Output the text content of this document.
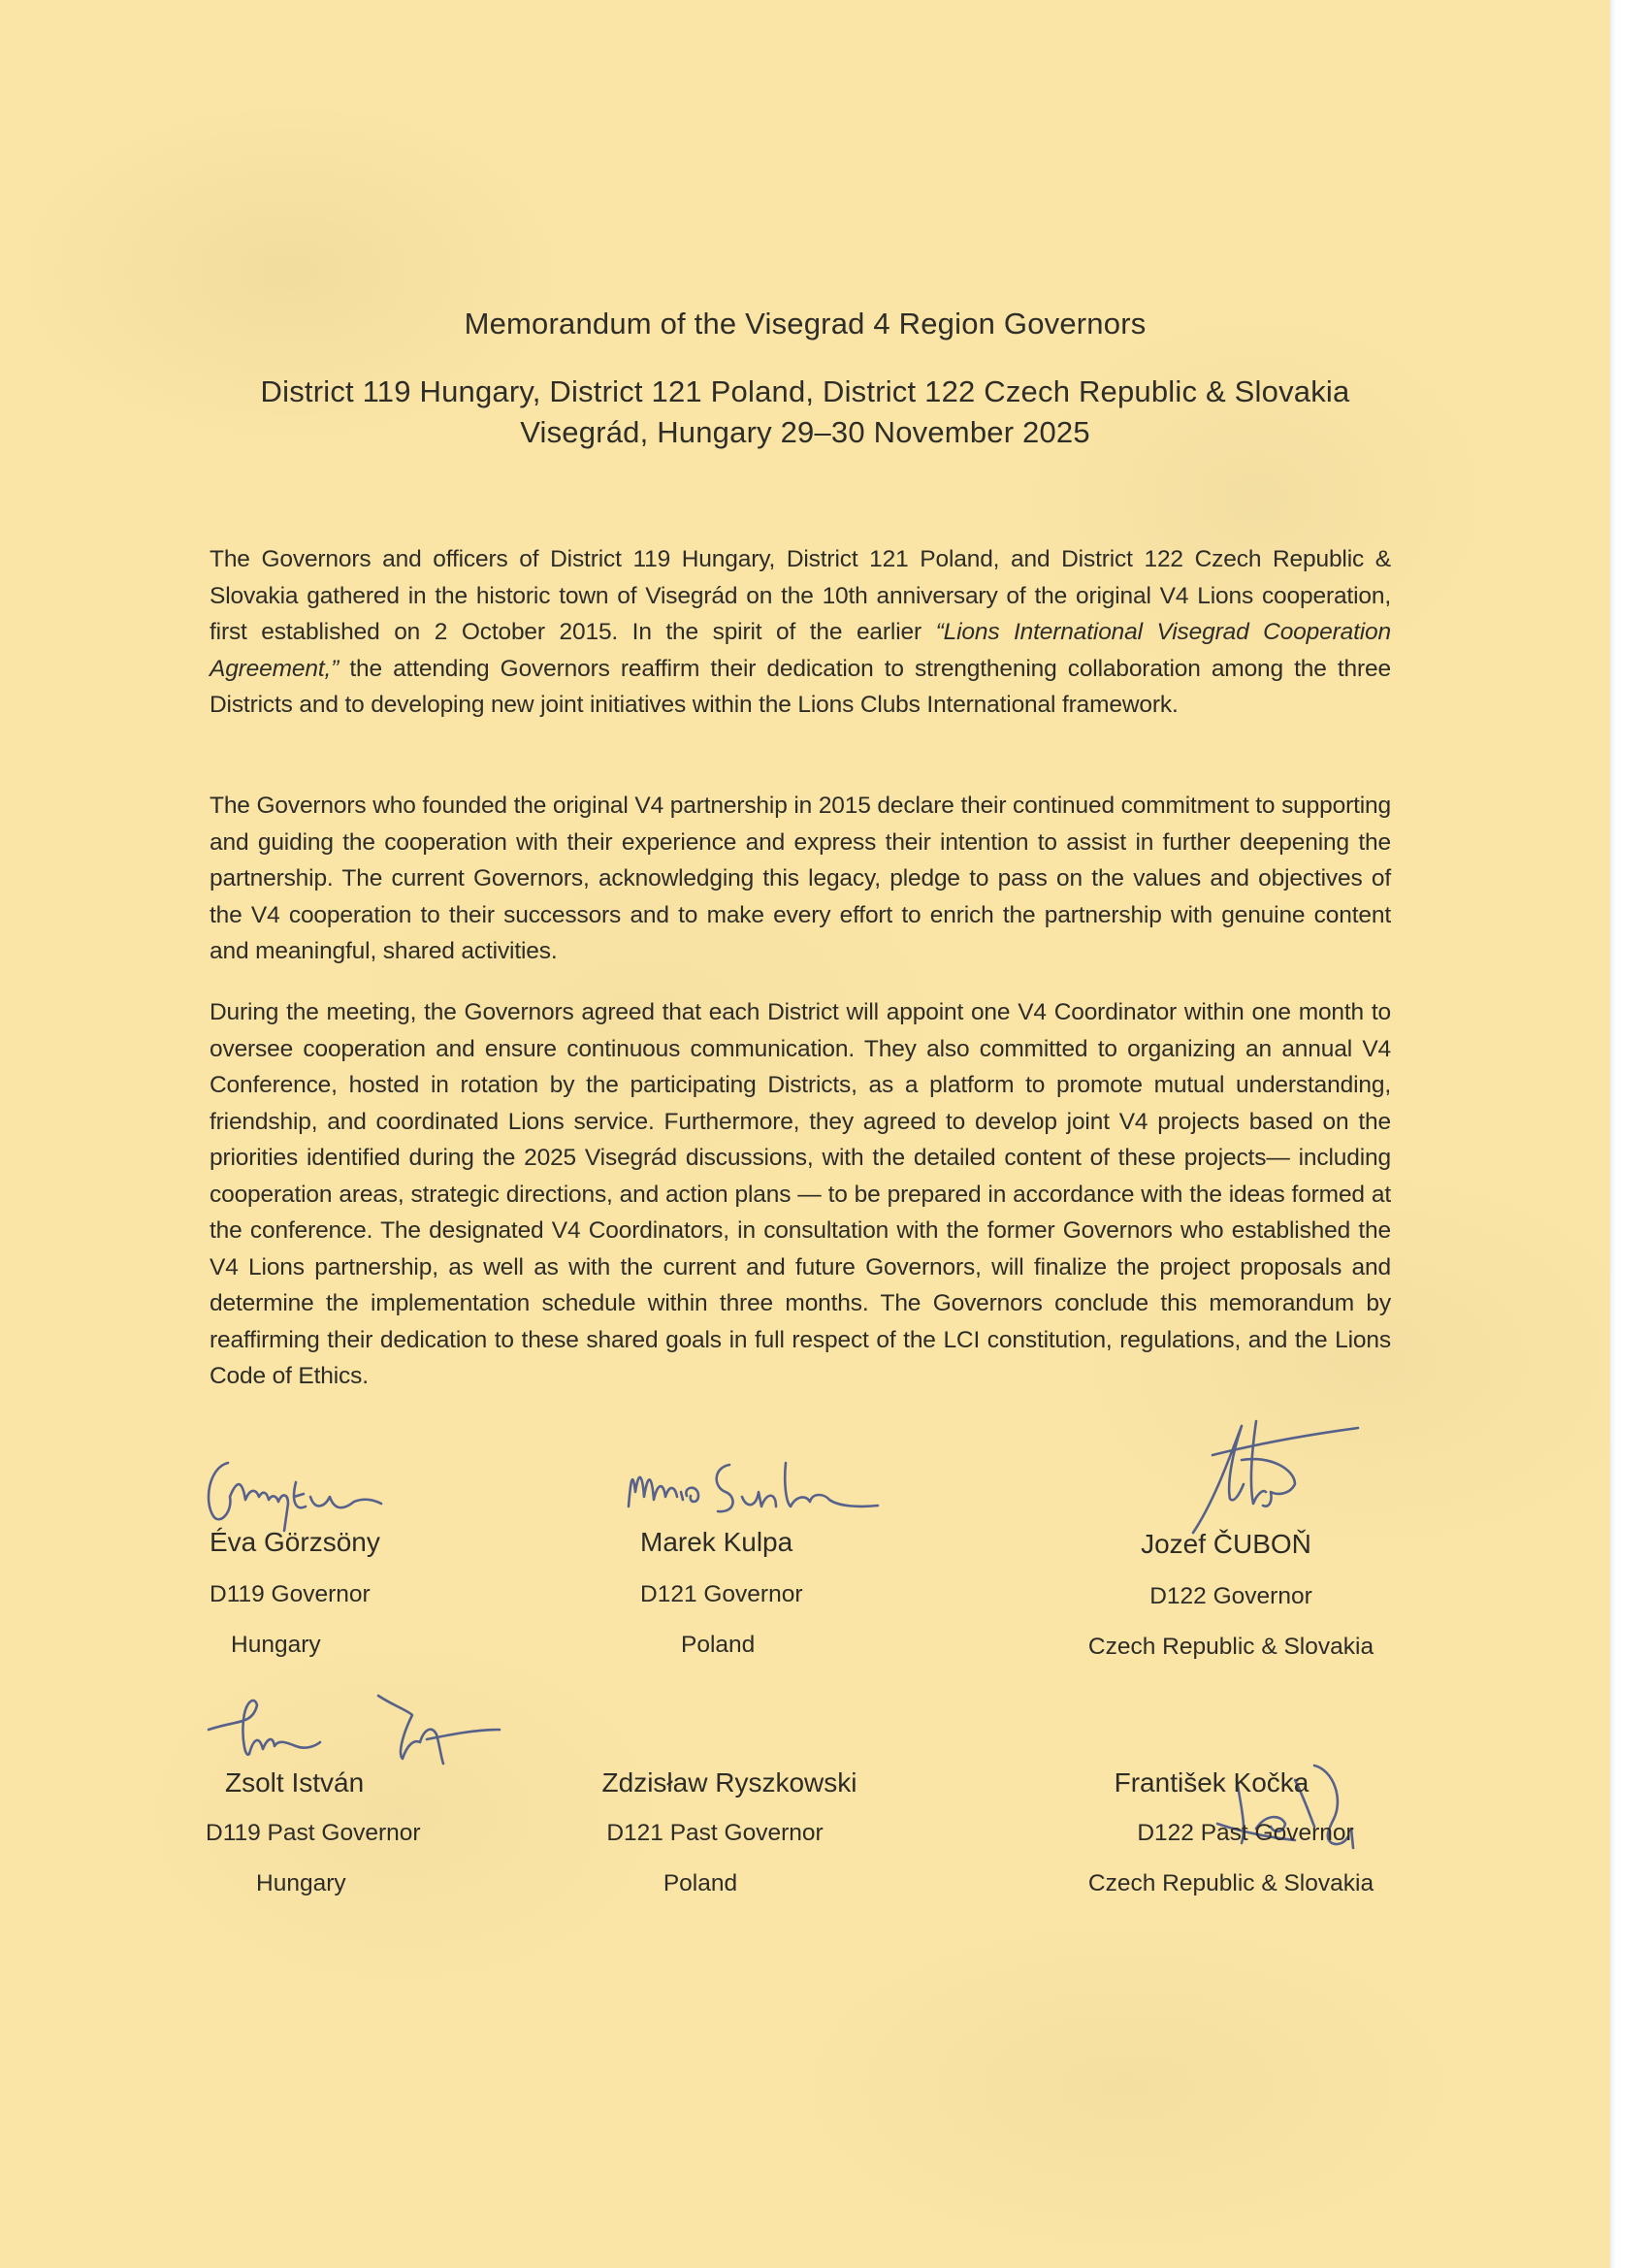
Memorandum of the Visegrad 4 Region Governors
District 119 Hungary, District 121 Poland, District 122 Czech Republic & Slovakia
Visegrád, Hungary 29–30 November 2025
The Governors and officers of District 119 Hungary, District 121 Poland, and District 122 Czech Republic & Slovakia gathered in the historic town of Visegrád on the 10th anniversary of the original V4 Lions cooperation, first established on 2 October 2015. In the spirit of the earlier “Lions International Visegrad Cooperation Agreement,” the attending Governors reaffirm their dedication to strengthening collaboration among the three Districts and to developing new joint initiatives within the Lions Clubs International framework.
The Governors who founded the original V4 partnership in 2015 declare their continued commitment to supporting and guiding the cooperation with their experience and express their intention to assist in further deepening the partnership. The current Governors, acknowledging this legacy, pledge to pass on the values and objectives of the V4 cooperation to their successors and to make every effort to enrich the partnership with genuine content and meaningful, shared activities.
During the meeting, the Governors agreed that each District will appoint one V4 Coordinator within one month to oversee cooperation and ensure continuous communication. They also committed to organizing an annual V4 Conference, hosted in rotation by the participating Districts, as a platform to promote mutual understanding, friendship, and coordinated Lions service. Furthermore, they agreed to develop joint V4 projects based on the priorities identified during the 2025 Visegrád discussions, with the detailed content of these projects— including cooperation areas, strategic directions, and action plans — to be prepared in accordance with the ideas formed at the conference. The designated V4 Coordinators, in consultation with the former Governors who established the V4 Lions partnership, as well as with the current and future Governors, will finalize the project proposals and determine the implementation schedule within three months. The Governors conclude this memorandum by reaffirming their dedication to these shared goals in full respect of the LCI constitution, regulations, and the Lions Code of Ethics.
Éva Görzsöny
D119 Governor
Hungary
Marek Kulpa
D121 Governor
Poland
Jozef ČUBOŇ
D122 Governor
Czech Republic & Slovakia
Zsolt István
D119 Past Governor
Hungary
Zdzisław Ryszkowski
D121 Past Governor
Poland
František Kočka
D122 Past Governor
Czech Republic & Slovakia
